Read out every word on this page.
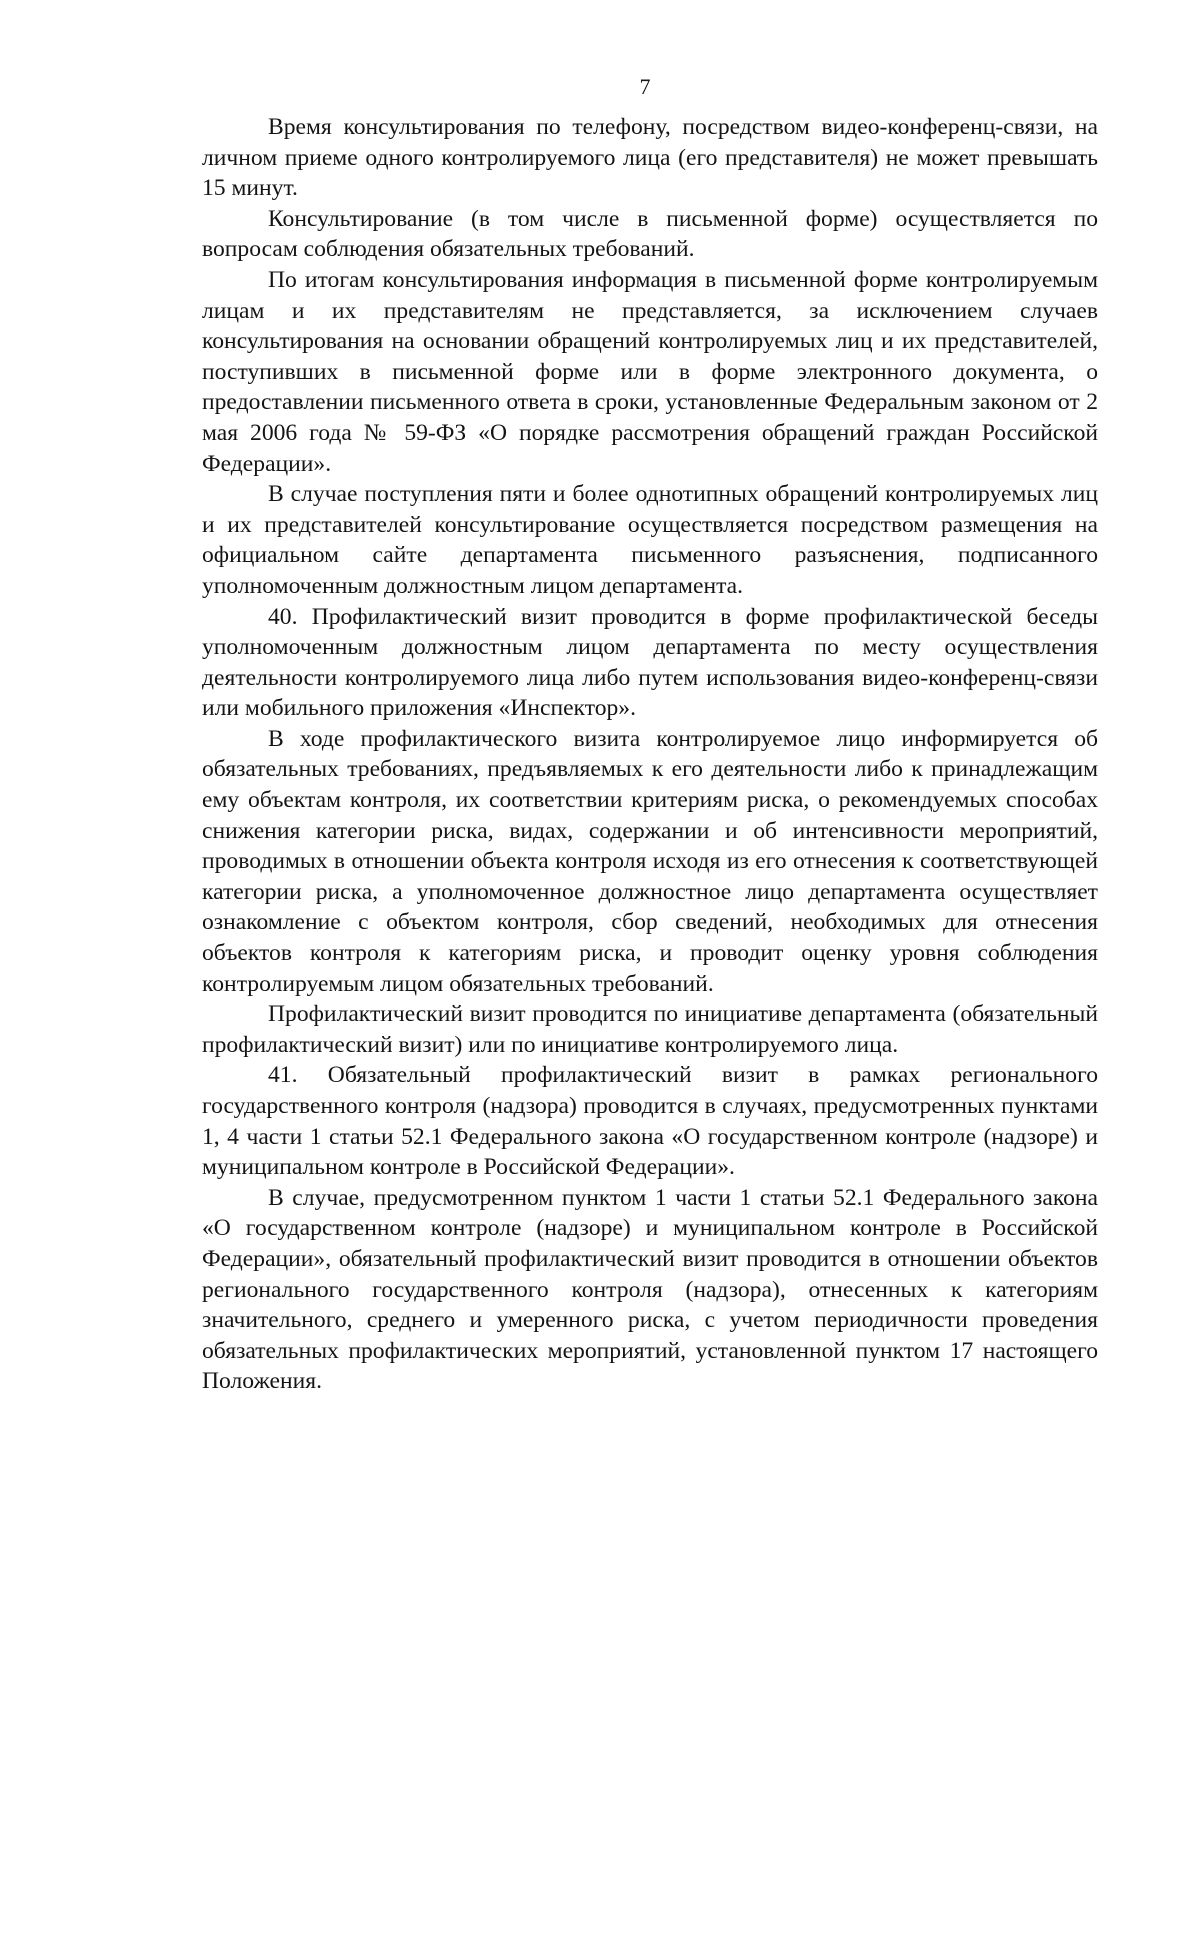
7

Время консультирования по телефону, посредством видео-конференц-связи, на личном приеме одного контролируемого лица (его представителя) не может превышать 15 минут.

Консультирование (в том числе в письменной форме) осуществляется по вопросам соблюдения обязательных требований.

По итогам консультирования информация в письменной форме контролируемым лицам и их представителям не представляется, за исключением случаев консультирования на основании обращений контролируемых лиц и их представителей, поступивших в письменной форме или в форме электронного документа, о предоставлении письменного ответа в сроки, установленные Федеральным законом от 2 мая 2006 года № 59-ФЗ «О порядке рассмотрения обращений граждан Российской Федерации».

В случае поступления пяти и более однотипных обращений контролируемых лиц и их представителей консультирование осуществляется посредством размещения на официальном сайте департамента письменного разъяснения, подписанного уполномоченным должностным лицом департамента.

40. Профилактический визит проводится в форме профилактической беседы уполномоченным должностным лицом департамента по месту осуществления деятельности контролируемого лица либо путем использования видео-конференц-связи или мобильного приложения «Инспектор».

В ходе профилактического визита контролируемое лицо информируется об обязательных требованиях, предъявляемых к его деятельности либо к принадлежащим ему объектам контроля, их соответствии критериям риска, о рекомендуемых способах снижения категории риска, видах, содержании и об интенсивности мероприятий, проводимых в отношении объекта контроля исходя из его отнесения к соответствующей категории риска, а уполномоченное должностное лицо департамента осуществляет ознакомление с объектом контроля, сбор сведений, необходимых для отнесения объектов контроля к категориям риска, и проводит оценку уровня соблюдения контролируемым лицом обязательных требований.

Профилактический визит проводится по инициативе департамента (обязательный профилактический визит) или по инициативе контролируемого лица.

41. Обязательный профилактический визит в рамках регионального государственного контроля (надзора) проводится в случаях, предусмотренных пунктами 1, 4 части 1 статьи 52.1 Федерального закона «О государственном контроле (надзоре) и муниципальном контроле в Российской Федерации».

В случае, предусмотренном пунктом 1 части 1 статьи 52.1 Федерального закона «О государственном контроле (надзоре) и муниципальном контроле в Российской Федерации», обязательный профилактический визит проводится в отношении объектов регионального государственного контроля (надзора), отнесенных к категориям значительного, среднего и умеренного риска, с учетом периодичности проведения обязательных профилактических мероприятий, установленной пунктом 17 настоящего Положения.
